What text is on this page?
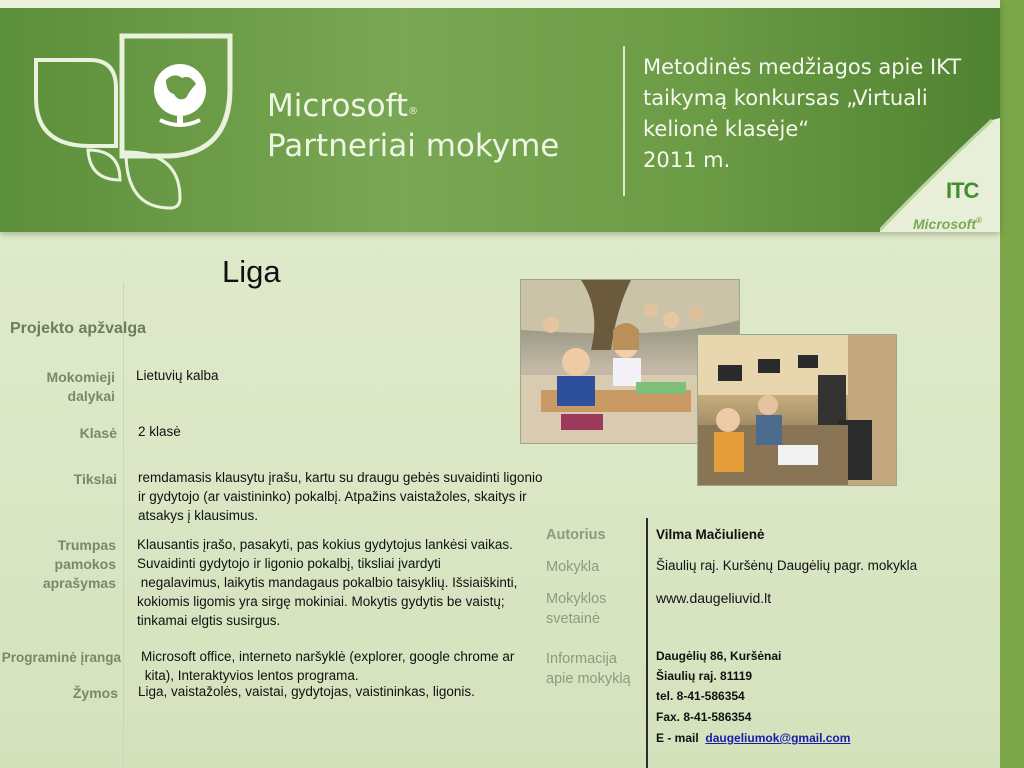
Microsoft®
Partneriai mokyme
Metodinės medžiagos apie IKT
taikymą konkursas „Virtuali
kelionė klasėje“
2011 m.
ITC
Microsoft®
Liga
Projekto apžvalga
Mokomieji dalykai
Lietuvių kalba
Klasė 2 klasė
Tikslai remdamasis klausytu įrašu, kartu su draugu gebės suvaidinti ligonio ir gydytojo (ar vaistininko) pokalbį. Atpažins vaistažoles, skaitys ir atsakys į klausimus.
Trumpas pamokos aprašymas
Klausantis įrašo, pasakyti, pas kokius gydytojus lankėsi vaikas.
Suvaidinti gydytojo ir ligonio pokalbį, tiksliai įvardyti
negalavimus, laikytis mandagaus pokalbio taisyklių. Išsiaiškinti,
kokiomis ligomis yra sirgę mokiniai. Mokytis gydytis be vaistų;
tinkamai elgtis susirgus.
Programinė įranga Microsoft office, interneto naršyklė (explorer, google chrome ar
kita), Interaktyvios lentos programa.
Žymos Liga, vaistažolės, vaistai, gydytojas, vaistininkas, ligonis.
Autorius
Mokykla
Mokyklos svetainė
Informacija apie mokyklą
Vilma Mačiulienė
Šiaulių raj. Kuršėnų Daugėlių pagr. mokykla
www.daugeliuvid.lt
Daugėlių 86, Kuršėnai
Šiaulių raj. 81119
tel. 8-41-586354
Fax. 8-41-586354
E - mail daugeliumok@gmail.com
